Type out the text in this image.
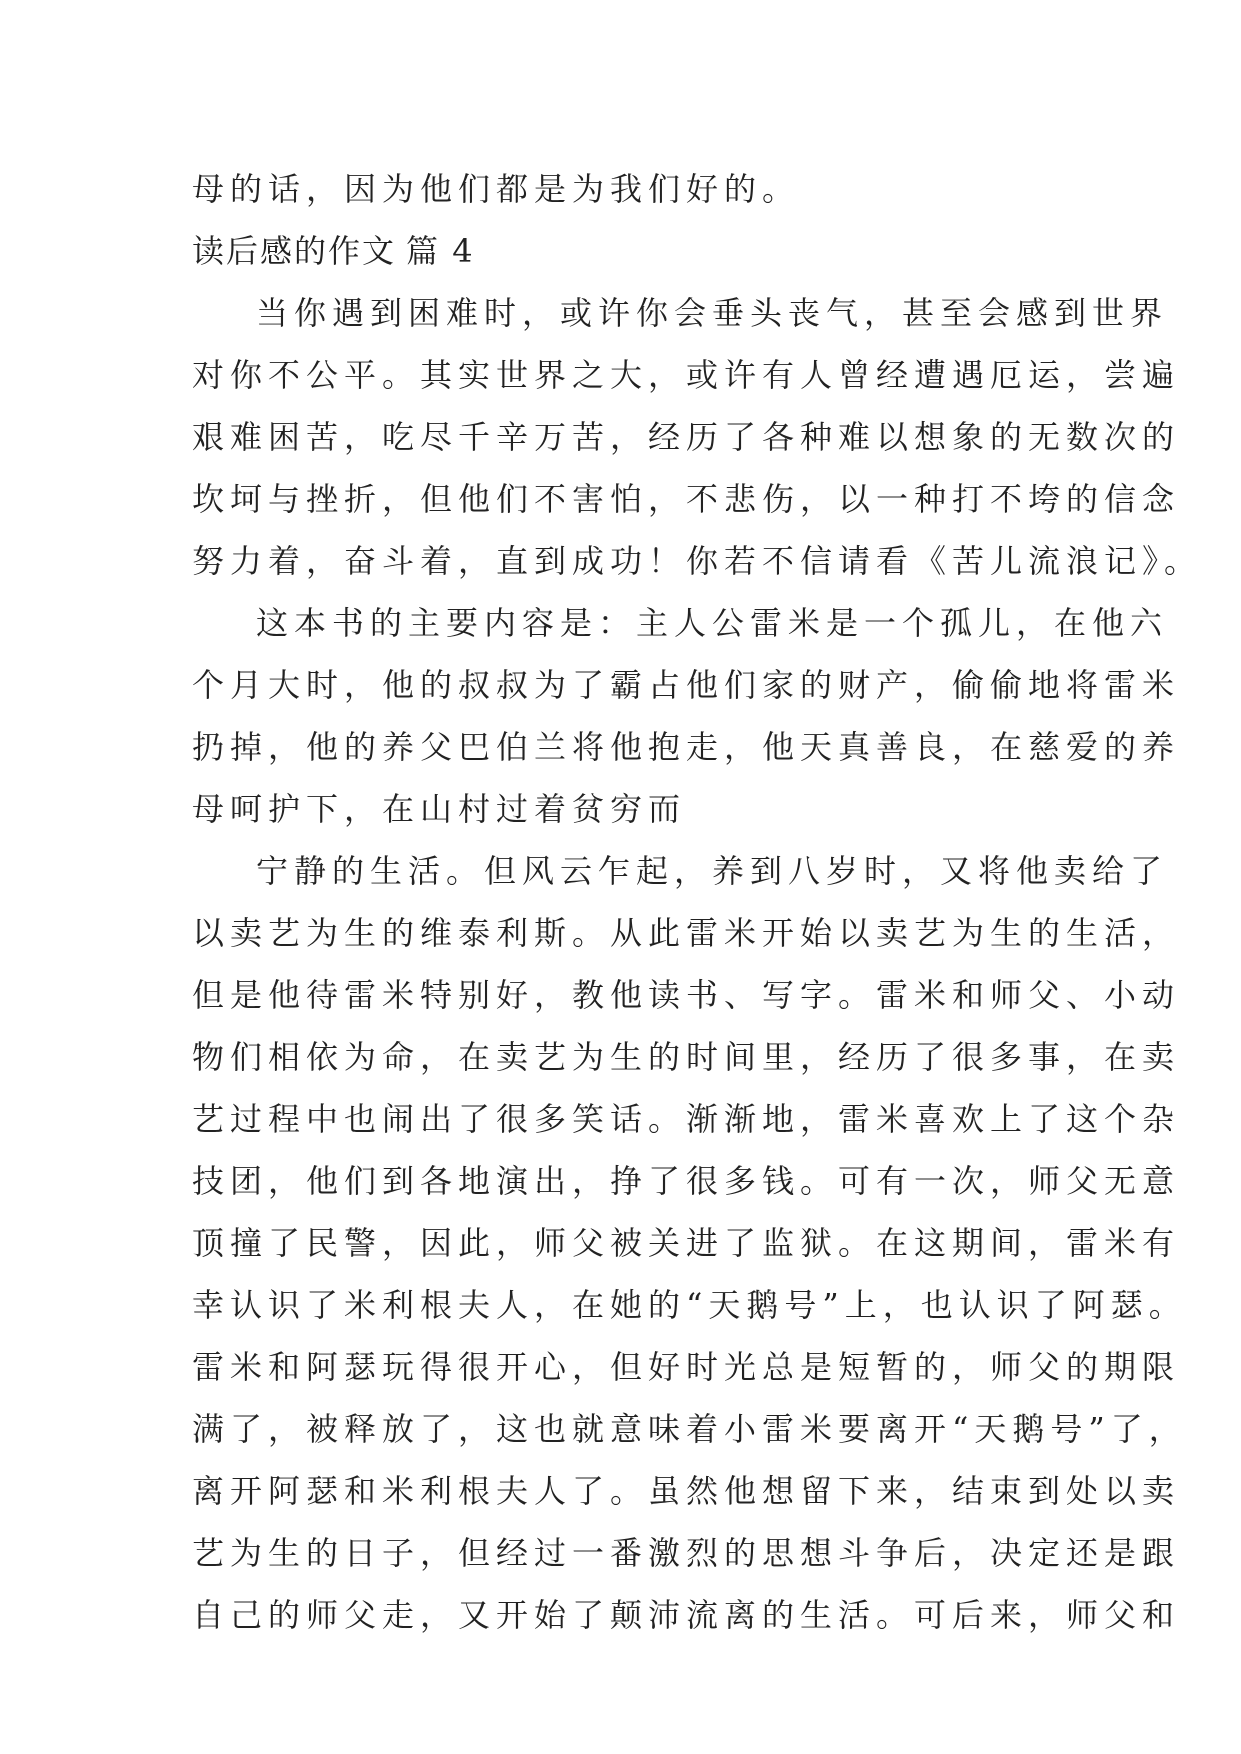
母的话，因为他们都是为我们好的。
读后感的作文 篇 4
当你遇到困难时，或许你会垂头丧气，甚至会感到世界
对你不公平。其实世界之大，或许有人曾经遭遇厄运，尝遍
艰难困苦，吃尽千辛万苦，经历了各种难以想象的无数次的
坎坷与挫折，但他们不害怕，不悲伤，以一种打不垮的信念
努力着，奋斗着，直到成功！你若不信请看《苦儿流浪记》。
这本书的主要内容是：主人公雷米是一个孤儿，在他六
个月大时，他的叔叔为了霸占他们家的财产，偷偷地将雷米
扔掉，他的养父巴伯兰将他抱走，他天真善良，在慈爱的养
母呵护下，在山村过着贫穷而
宁静的生活。但风云乍起，养到八岁时，又将他卖给了
以卖艺为生的维泰利斯。从此雷米开始以卖艺为生的生活，
但是他待雷米特别好，教他读书、写字。雷米和师父、小动
物们相依为命，在卖艺为生的时间里，经历了很多事，在卖
艺过程中也闹出了很多笑话。渐渐地，雷米喜欢上了这个杂
技团，他们到各地演出，挣了很多钱。可有一次，师父无意
顶撞了民警，因此，师父被关进了监狱。在这期间，雷米有
幸认识了米利根夫人，在她的“天鹅号”上，也认识了阿瑟。
雷米和阿瑟玩得很开心，但好时光总是短暂的，师父的期限
满了，被释放了，这也就意味着小雷米要离开“天鹅号”了，
离开阿瑟和米利根夫人了。虽然他想留下来，结束到处以卖
艺为生的日子，但经过一番激烈的思想斗争后，决定还是跟
自己的师父走，又开始了颠沛流离的生活。可后来，师父和
